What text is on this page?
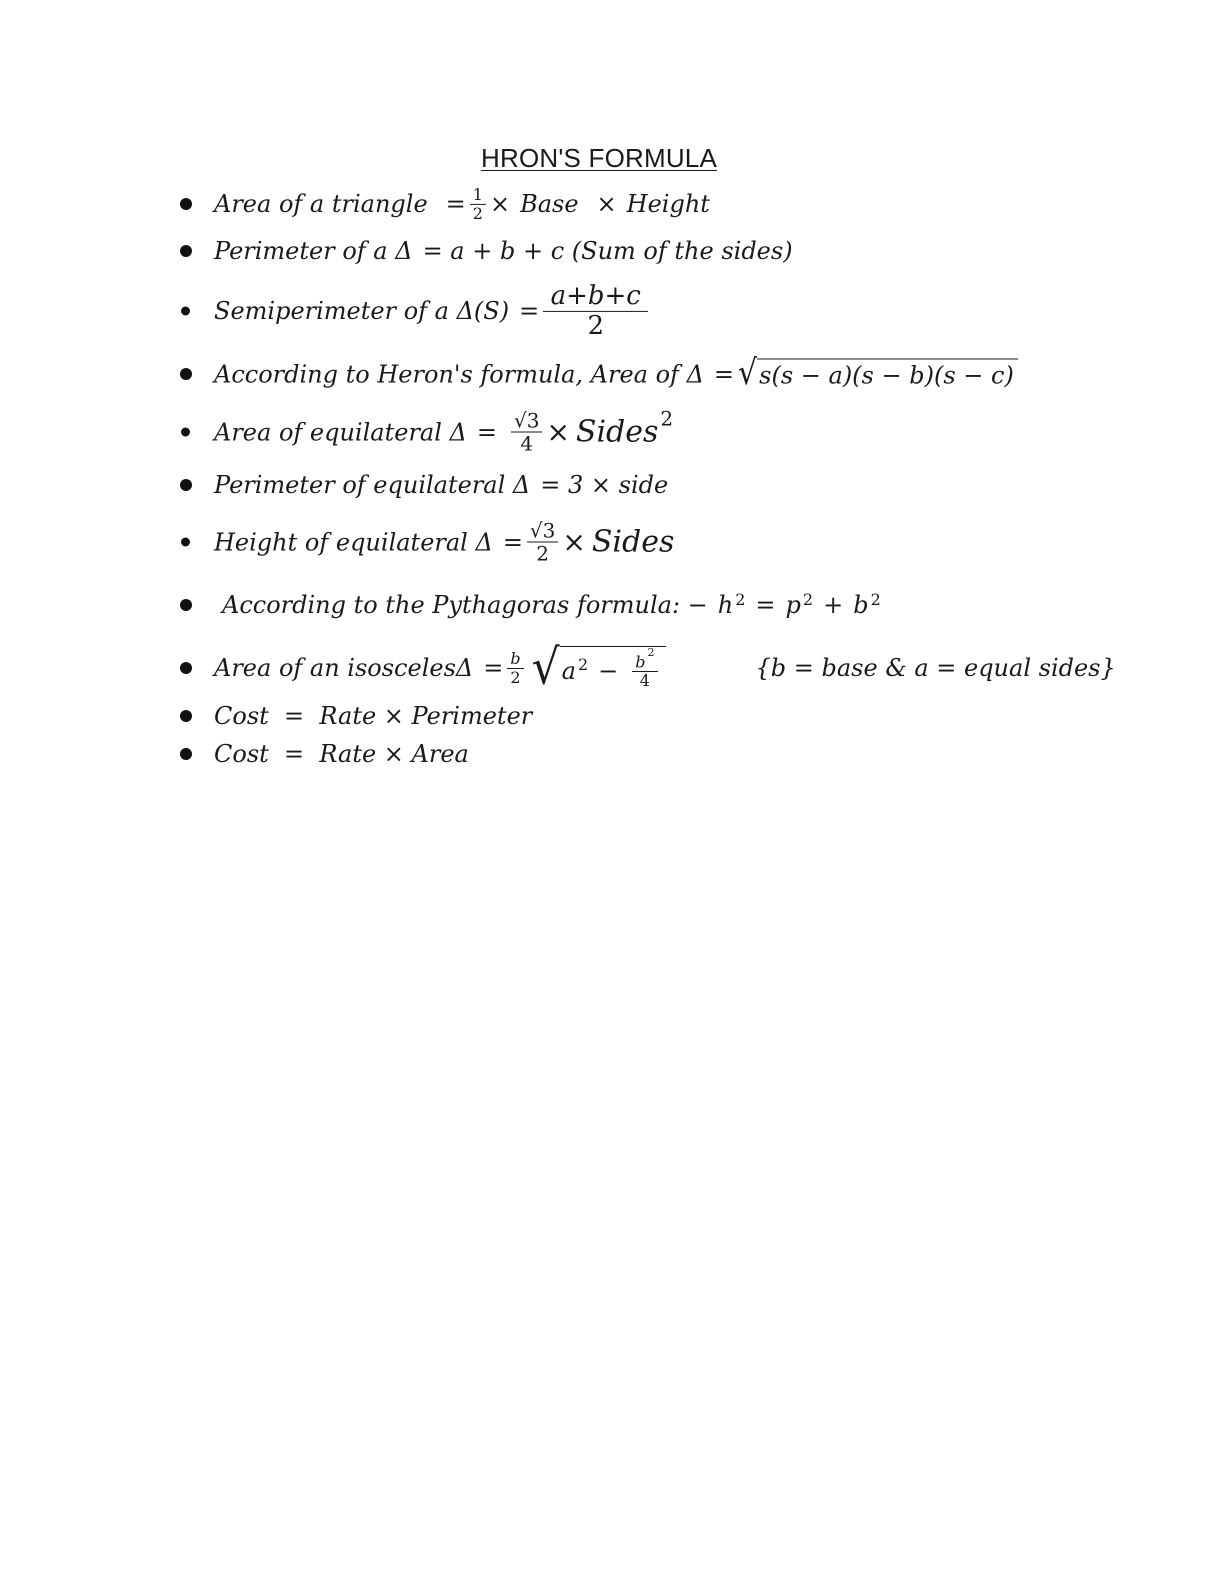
HRON'S FORMULA
Area of a triangle = $\frac{1}{2}$ × Base × Height
Perimeter of a Δ = a + b + c (Sum of the sides)
Semiperimeter of a $\Delta(S) = \frac{a+b+c}{2}$
According to Heron's formula, Area of Δ = √ s(s − a)(s − b)(s − c)
Area of equilateral $\Delta = \frac{√3}{4}$ × Sides$^2$
Perimeter of equilateral Δ = 3 × side
Height of equilateral $\Delta = \frac{√3}{2}$ × Sides
According to the Pythagoras formula: − $h^2 = p^2 + b^2$
Area of an isoscelesΔ = $\frac{b}{2}$ √ $a^2 - \frac{b ^2}{4}$	{b = base & a = equal sides}
Cost  =  Rate × Perimeter
Cost  =  Rate × Area
